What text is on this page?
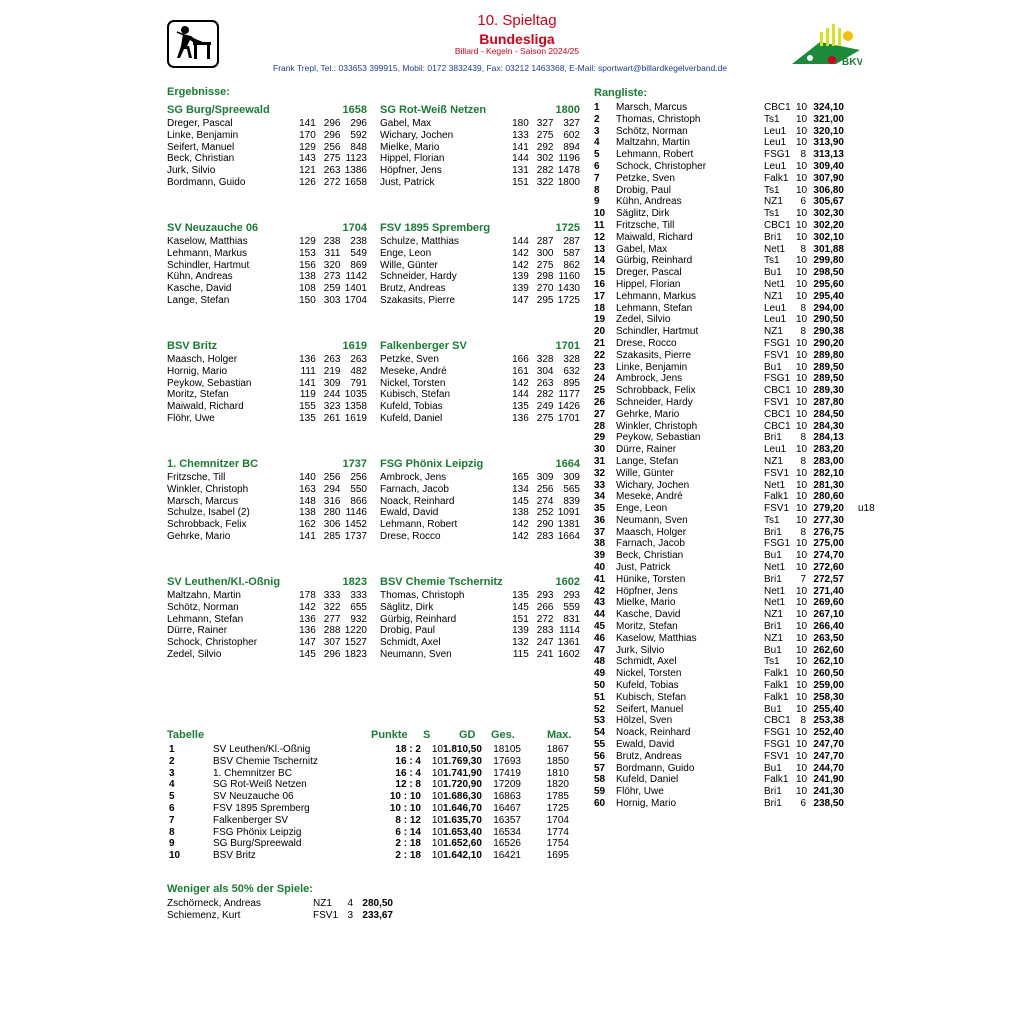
BKV
10. Spieltag
Bundesliga
Billard - Kegeln - Saison 2024/25
Frank Trepl, Tel.: 033653 399915, Mobil: 0172 3832439, Fax: 03212 1463368, E-Mail: sportwart@billardkegelverband.de
Ergebnisse:
SG Burg/Spreewald	1658
Dreger, Pascal	141 296 296
Linke, Benjamin	170 296 592
Seifert, Manuel	129 256 848
Beck, Christian	143 275 1123
Jurk, Silvio	121 263 1386
Bordmann, Guido	126 272 1658
SG Rot-Weiß Netzen	1800
Gabel, Max	180 327 327
Wichary, Jochen	133 275 602
Mielke, Mario	141 292 894
Hippel, Florian	144 302 1196
Höpfner, Jens	131 282 1478
Just, Patrick	151 322 1800
SV Neuzauche 06	1704
Kaselow, Matthias	129 238 238
Lehmann, Markus	153 311 549
Schindler, Hartmut	156 320 869
Kühn, Andreas	138 273 1142
Kasche, David	108 259 1401
Lange, Stefan	150 303 1704
FSV 1895 Spremberg	1725
Schulze, Matthias	144 287 287
Enge, Leon	142 300 587
Wille, Günter	142 275 862
Schneider, Hardy	139 298 1160
Brutz, Andreas	139 270 1430
Szakasits, Pierre	147 295 1725
BSV Britz	1619
Maasch, Holger	136 263 263
Hornig, Mario	111 219 482
Peykow, Sebastian	141 309 791
Moritz, Stefan	119 244 1035
Maiwald, Richard	155 323 1358
Flöhr, Uwe	135 261 1619
Falkenberger SV	1701
Petzke, Sven	166 328 328
Meseke, André	161 304 632
Nickel, Torsten	142 263 895
Kubisch, Stefan	144 282 1177
Kufeld, Tobias	135 249 1426
Kufeld, Daniel	136 275 1701
1. Chemnitzer BC	1737
Fritzsche, Till	140 256 256
Winkler, Christoph	163 294 550
Marsch, Marcus	148 316 866
Schulze, Isabel (2)	138 280 1146
Schrobback, Felix	162 306 1452
Gehrke, Mario	141 285 1737
FSG Phönix Leipzig	1664
Ambrock, Jens	165 309 309
Farnach, Jacob	134 256 565
Noack, Reinhard	145 274 839
Ewald, David	138 252 1091
Lehmann, Robert	142 290 1381
Drese, Rocco	142 283 1664
SV Leuthen/Kl.-Oßnig	1823
Maltzahn, Martin	178 333 333
Schötz, Norman	142 322 655
Lehmann, Stefan	136 277 932
Dürre, Rainer	136 288 1220
Schock, Christopher	147 307 1527
Zedel, Silvio	145 296 1823
BSV Chemie Tschernitz	1602
Thomas, Christoph	135 293 293
Säglitz, Dirk	145 266 559
Gürbig, Reinhard	151 272 831
Drobig, Paul	139 283 1114
Schmidt, Axel	132 247 1361
Neumann, Sven	115 241 1602
Tabelle	Punkte	S	GD	Ges.	Max.
1	SV Leuthen/Kl.-Oßnig	18 : 2	10 1.810,50	18105	1867
2	BSV Chemie Tschernitz	16 : 4	10 1.769,30	17693	1850
3	1. Chemnitzer BC	16 : 4	10 1.741,90	17419	1810
4	SG Rot-Weiß Netzen	12 : 8	10 1.720,90	17209	1820
5	SV Neuzauche 06	10 : 10	10 1.686,30	16863	1785
6	FSV 1895 Spremberg	10 : 10	10 1.646,70	16467	1725
7	Falkenberger SV	8 : 12	10 1.635,70	16357	1704
8	FSG Phönix Leipzig	6 : 14	10 1.653,40	16534	1774
9	SG Burg/Spreewald	2 : 18	10 1.652,60	16526	1754
10	BSV Britz	2 : 18	10 1.642,10	16421	1695
Weniger als 50% der Spiele:
Zschörneck, Andreas	NZ1	4 280,50
Schiemenz, Kurt	FSV1 3 233,67
Rangliste:
1	Marsch, Marcus	CBC1 10 324,10
2	Thomas, Christoph	Ts1	10 321,00
3	Schötz, Norman	Leu1 10 320,10
4	Maltzahn, Martin	Leu1 10 313,90
5	Lehmann, Robert	FSG1	8 313,13
6	Schock, Christopher	Leu1 10 309,40
7	Petzke, Sven	Falk1 10 307,90
8	Drobig, Paul	Ts1	10 306,80
9	Kühn, Andreas	NZ1	6 305,67
10	Säglitz, Dirk	Ts1	10 302,30
11	Fritzsche, Till	CBC1 10 302,20
12	Maiwald, Richard	Bri1	10 302,10
13	Gabel, Max	Net1	8 301,88
14	Gürbig, Reinhard	Ts1	10 299,80
15	Dreger, Pascal	Bu1	10 298,50
16	Hippel, Florian	Net1	10 295,60
17	Lehmann, Markus	NZ1	10 295,40
18	Lehmann, Stefan	Leu1	8 294,00
19	Zedel, Silvio	Leu1 10 290,50
20	Schindler, Hartmut	NZ1	8 290,38
21	Drese, Rocco	FSG1 10 290,20
22	Szakasits, Pierre	FSV1 10 289,80
23	Linke, Benjamin	Bu1	10 289,50
24	Ambrock, Jens	FSG1 10 289,50
25	Schrobback, Felix	CBC1 10 289,30
26	Schneider, Hardy	FSV1 10 287,80
27	Gehrke, Mario	CBC1 10 284,50
28	Winkler, Christoph	CBC1 10 284,30
29	Peykow, Sebastian	Bri1	8 284,13
30	Dürre, Rainer	Leu1 10 283,20
31	Lange, Stefan	NZ1	8 283,00
32	Wille, Günter	FSV1 10 282,10
33	Wichary, Jochen	Net1	10 281,30
34	Meseke, André	Falk1 10 280,60
35	Enge, Leon	FSV1 10 279,20	u18
36	Neumann, Sven	Ts1	10 277,30
37	Maasch, Holger	Bri1	8 276,75
38	Farnach, Jacob	FSG1 10 275,00
39	Beck, Christian	Bu1	10 274,70
40	Just, Patrick	Net1	10 272,60
41	Hünike, Torsten	Bri1	7 272,57
42	Höpfner, Jens	Net1	10 271,40
43	Mielke, Mario	Net1	10 269,60
44	Kasche, David	NZ1	10 267,10
45	Moritz, Stefan	Bri1	10 266,40
46	Kaselow, Matthias	NZ1	10 263,50
47	Jurk, Silvio	Bu1	10 262,60
48	Schmidt, Axel	Ts1	10 262,10
49	Nickel, Torsten	Falk1 10 260,50
50	Kufeld, Tobias	Falk1 10 259,00
51	Kubisch, Stefan	Falk1 10 258,30
52	Seifert, Manuel	Bu1	10 255,40
53	Hölzel, Sven	CBC1 8 253,38
54	Noack, Reinhard	FSG1 10 252,40
55	Ewald, David	FSG1 10 247,70
56	Brutz, Andreas	FSV1 10 247,70
57	Bordmann, Guido	Bu1	10 244,70
58	Kufeld, Daniel	Falk1 10 241,90
59	Flöhr, Uwe	Bri1	10 241,30
60	Hornig, Mario	Bri1	6 238,50
